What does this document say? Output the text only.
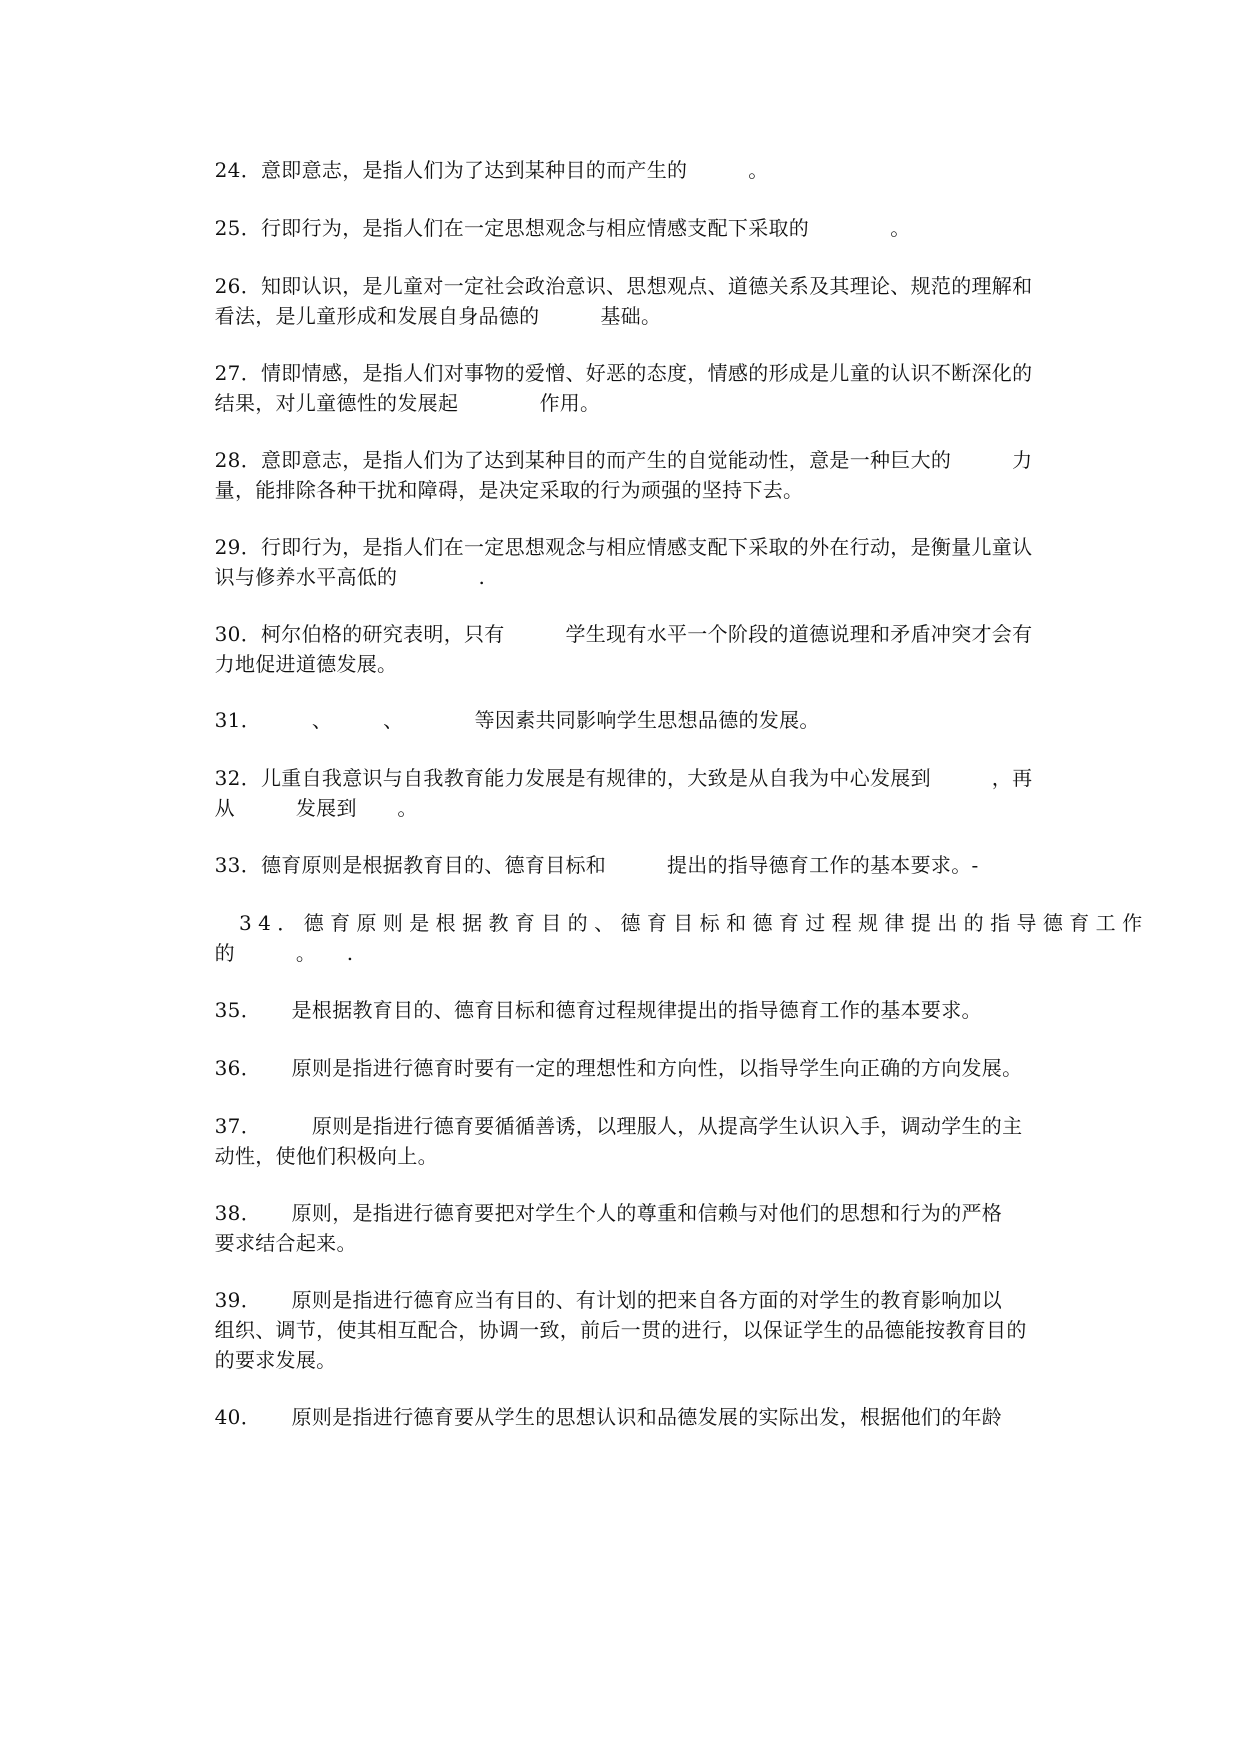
24．意即意志，是指人们为了达到某种目的而产生的　　　。

25．行即行为，是指人们在一定思想观念与相应情感支配下采取的　　　　。

26．知即认识，是儿童对一定社会政治意识、思想观点、道德关系及其理论、规范的理解和

看法，是儿童形成和发展自身品德的　　　基础。

27．情即情感，是指人们对事物的爱憎、好恶的态度，情感的形成是儿童的认识不断深化的

结果，对儿童德性的发展起　　　　作用。

28．意即意志，是指人们为了达到某种目的而产生的自觉能动性，意是一种巨大的　　　力

量，能排除各种干扰和障碍，是决定采取的行为顽强的坚持下去。

29．行即行为，是指人们在一定思想观念与相应情感支配下采取的外在行动，是衡量儿童认

识与修养水平高低的　　　　.

30．柯尔伯格的研究表明，只有　　　学生现有水平一个阶段的道德说理和矛盾冲突才会有

力地促进道德发展。

31．　　　、　　　、　　　　等因素共同影响学生思想品德的发展。

32．儿重自我意识与自我教育能力发展是有规律的，大致是从自我为中心发展到　　　，再

从　　　发展到　　。

33．德育原则是根据教育目的、德育目标和　　　提出的指导德育工作的基本要求。-

34．德育原则是根据教育目的、德育目标和德育过程规律提出的指导德育工作

的　　　。　　.

35．　　是根据教育目的、德育目标和德育过程规律提出的指导德育工作的基本要求。

36．　　原则是指进行德育时要有一定的理想性和方向性，以指导学生向正确的方向发展。

37．　　　原则是指进行德育要循循善诱，以理服人，从提高学生认识入手，调动学生的主

动性，使他们积极向上。

38．　　原则，是指进行德育要把对学生个人的尊重和信赖与对他们的思想和行为的严格

要求结合起来。

39．　　原则是指进行德育应当有目的、有计划的把来自各方面的对学生的教育影响加以

组织、调节，使其相互配合，协调一致，前后一贯的进行，以保证学生的品德能按教育目的

的要求发展。

40．　　原则是指进行德育要从学生的思想认识和品德发展的实际出发，根据他们的年龄
